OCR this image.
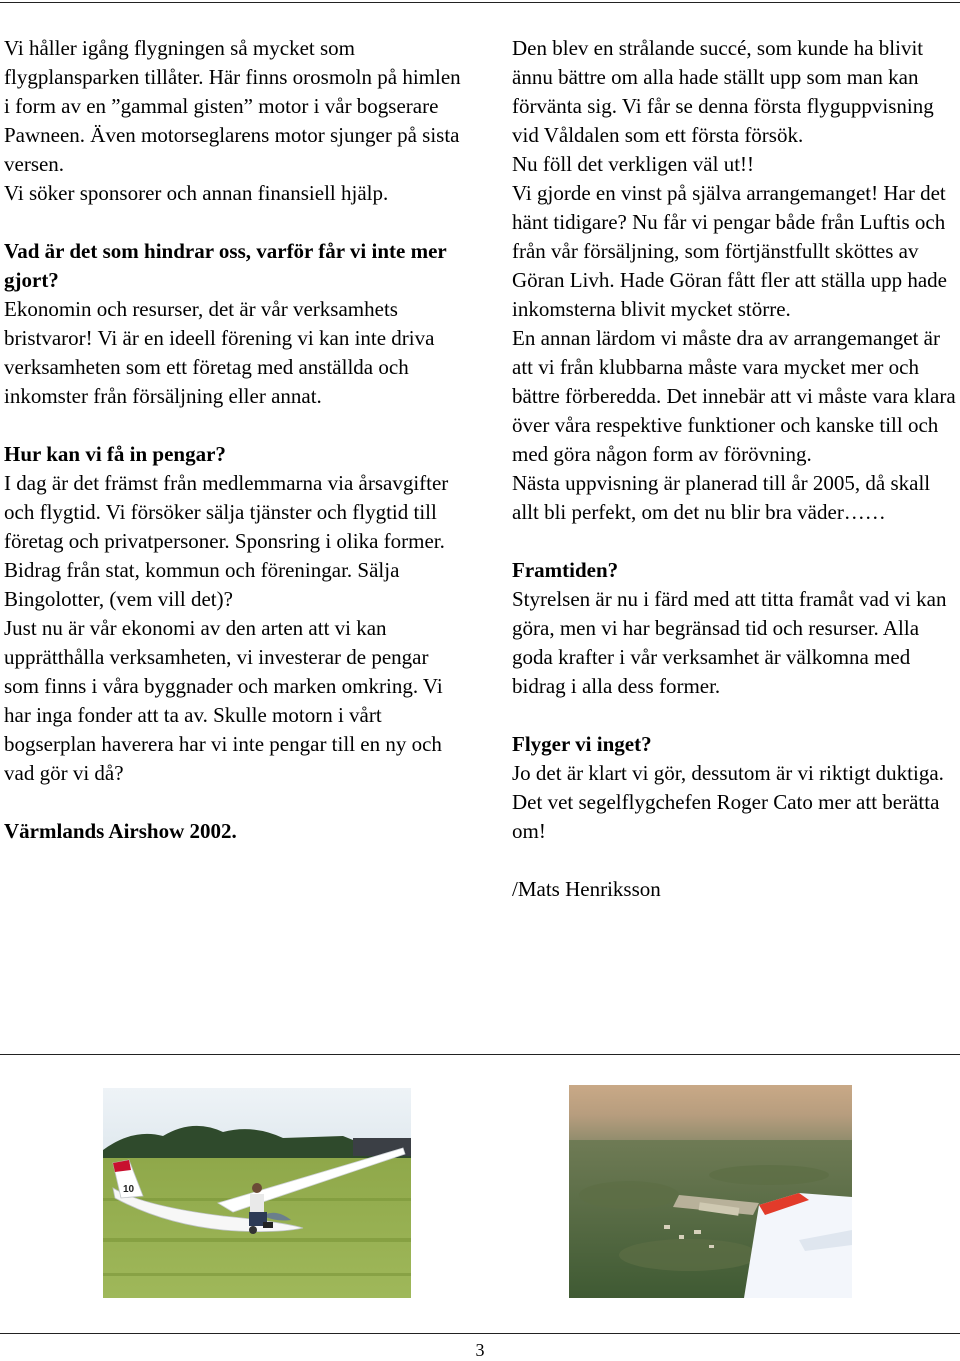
Vi håller igång flygningen så mycket som flygplansparken tillåter. Här finns orosmoln på himlen i form av en ”gammal gisten” motor i vår bogserare Pawneen. Även motorseglarens motor sjunger på sista versen.

Vi söker sponsorer och annan finansiell hjälp.

Vad är det som hindrar oss, varför får vi inte mer gjort?

Ekonomin och resurser, det är vår verksamhets bristvaror! Vi är en ideell förening vi kan inte driva verksamheten som ett företag med anställda och inkomster från försäljning eller annat.

Hur kan vi få in pengar?

I dag är det främst från medlemmarna via årsavgifter och flygtid. Vi försöker sälja tjänster och flygtid till företag och privatpersoner. Sponsring i olika former. Bidrag från stat, kommun och föreningar. Sälja Bingolotter, (vem vill det)?

Just nu är vår ekonomi av den arten att vi kan upprätthålla verksamheten, vi investerar de pengar som finns i våra byggnader och marken omkring. Vi har inga fonder att ta av. Skulle motorn i vårt bogserplan haverera har vi inte pengar till en ny och vad gör vi då?

Värmlands Airshow 2002.

Den blev en strålande succé, som kunde ha blivit ännu bättre om alla hade ställt upp som man kan förvänta sig. Vi får se denna första flyguppvisning vid Våldalen som ett första försök.

Nu föll det verkligen väl ut!!

Vi gjorde en vinst på själva arrangemanget! Har det hänt tidigare? Nu får vi pengar både från Luftis och från vår försäljning, som förtjänstfullt sköttes av Göran Livh. Hade Göran fått fler att ställa upp hade inkomsterna blivit mycket större.

En annan lärdom vi måste dra av arrangemanget är att vi från klubbarna måste vara mycket mer och bättre förberedda. Det innebär att vi måste vara klara över våra respektive funktioner och kanske till och med göra någon form av förövning.

Nästa uppvisning är planerad till år 2005, då skall allt bli perfekt, om det nu blir bra väder……

Framtiden?

Styrelsen är nu i färd med att titta framåt vad vi kan göra, men vi har begränsad tid och resurser. Alla goda krafter i vår verksamhet är välkomna med bidrag i alla dess former.

Flyger vi inget?

Jo det är klart vi gör, dessutom är vi riktigt duktiga. Det vet segelflygchefen Roger Cato mer att berätta om!

/Mats Henriksson

10
3
